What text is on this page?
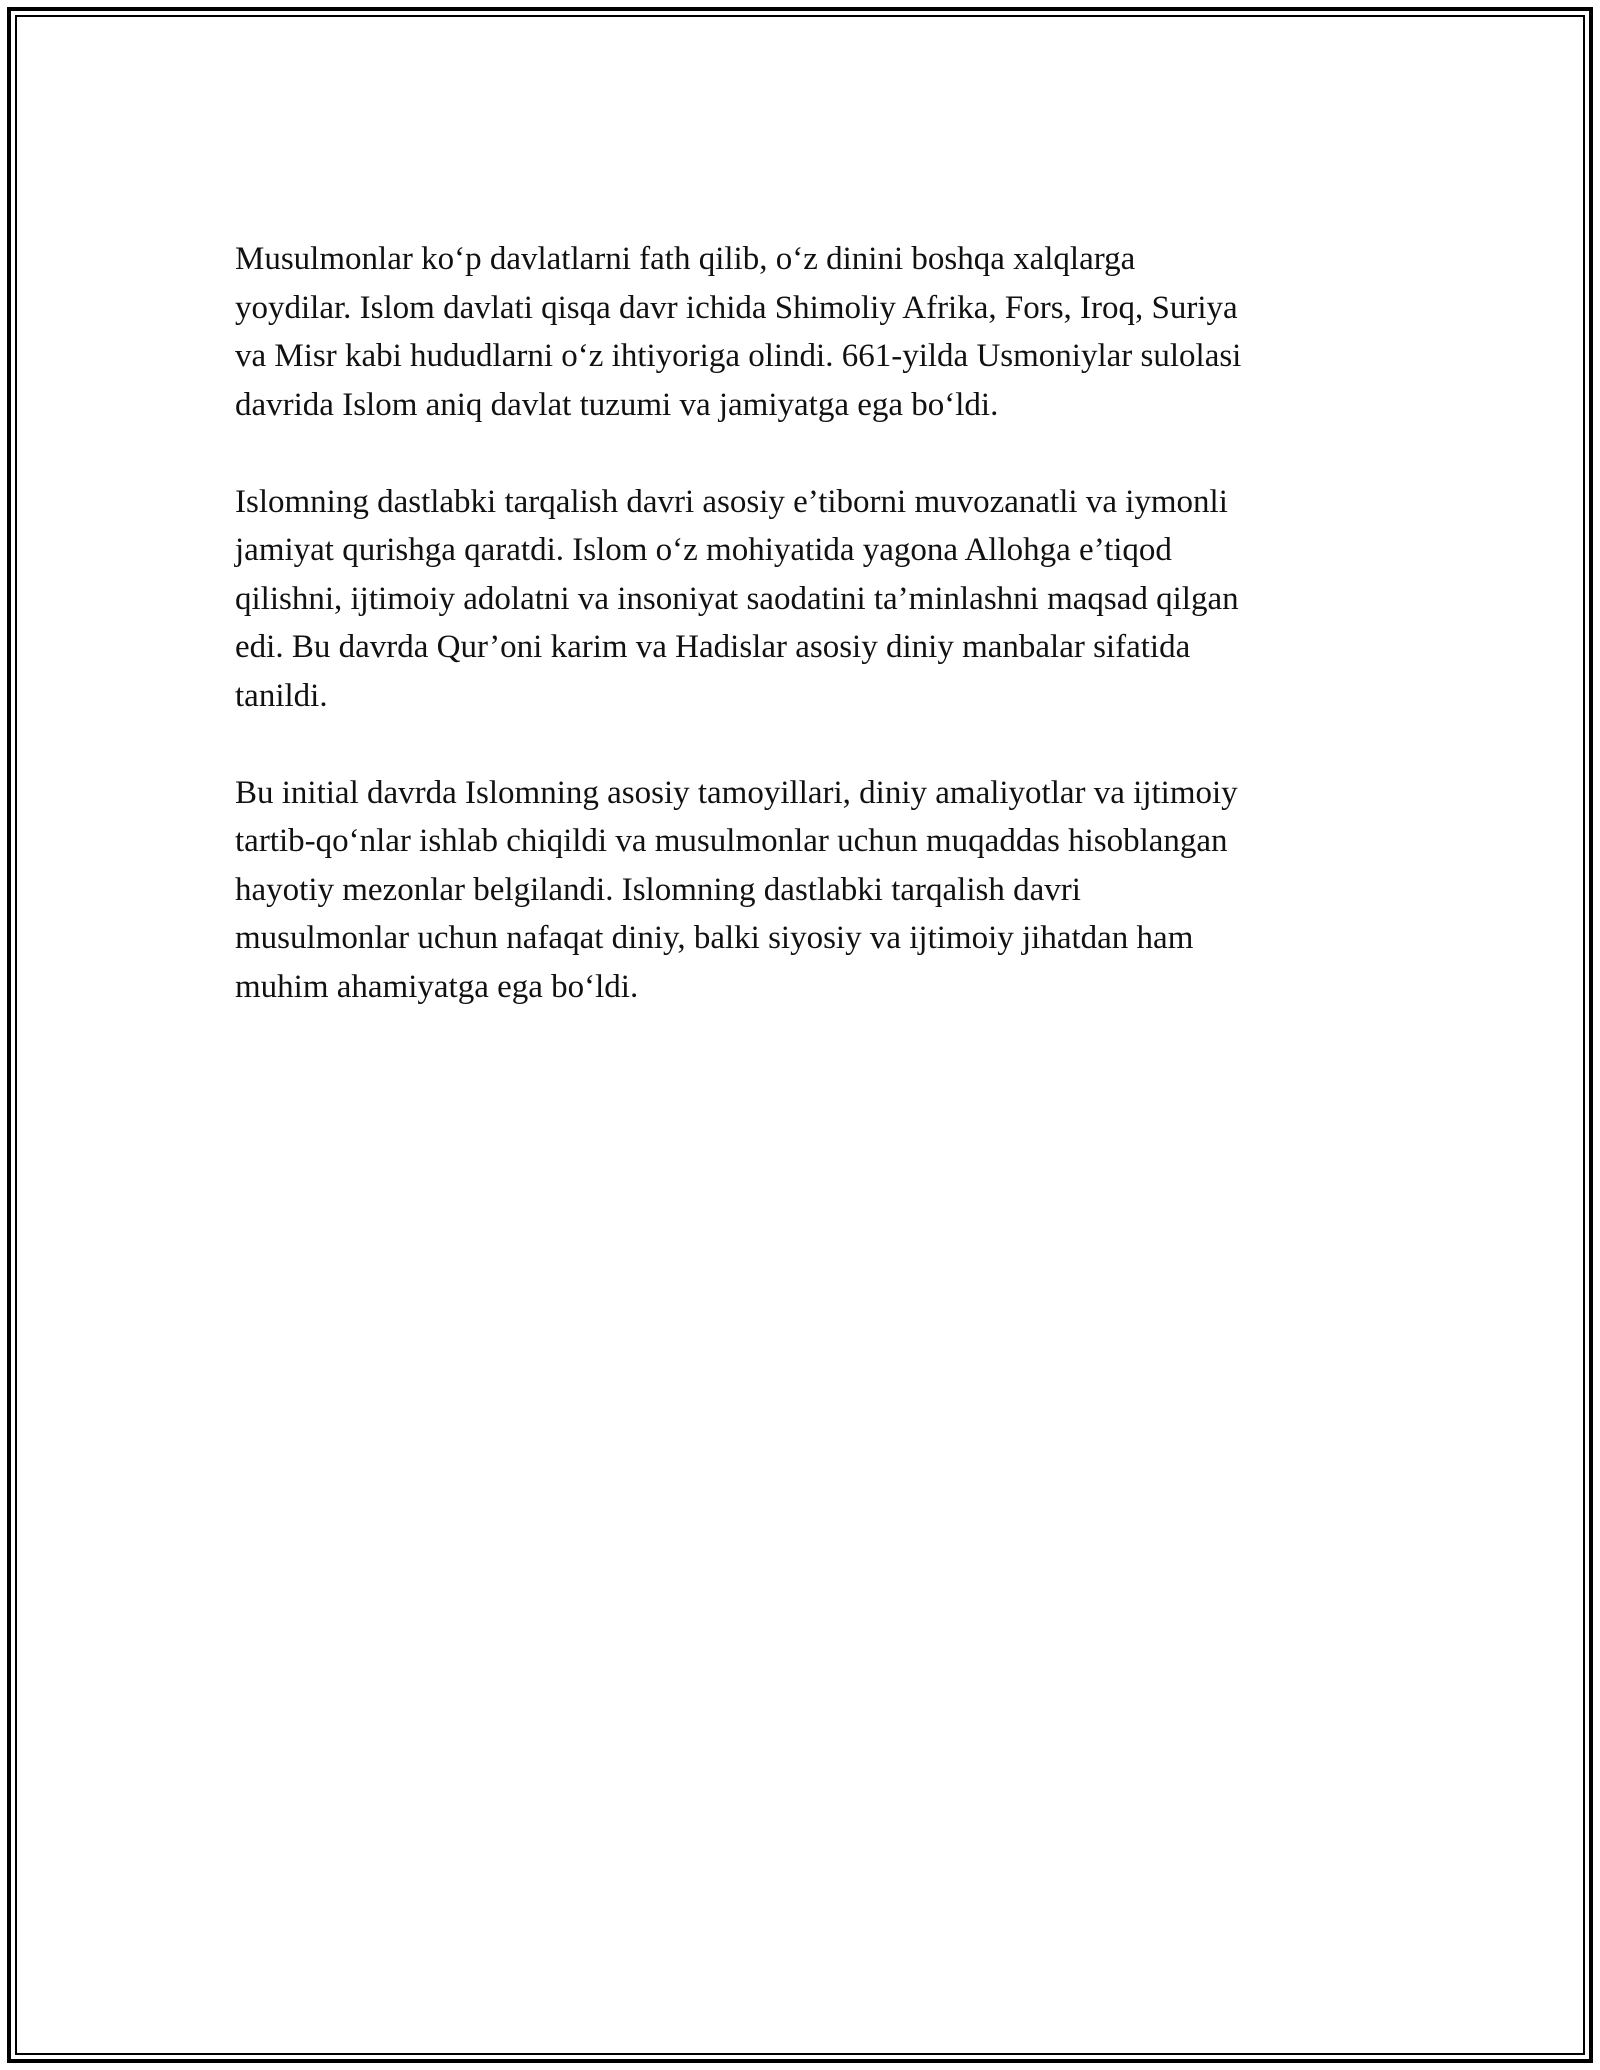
Musulmonlar ko‘p davlatlarni fath qilib, o‘z dinini boshqa xalqlarga
yoydilar. Islom davlati qisqa davr ichida Shimoliy Afrika, Fors, Iroq, Suriya
va Misr kabi hududlarni o‘z ihtiyoriga olindi. 661-yilda Usmoniylar sulolasi
davrida Islom aniq davlat tuzumi va jamiyatga ega bo‘ldi.

Islomning dastlabki tarqalish davri asosiy e’tiborni muvozanatli va iymonli
jamiyat qurishga qaratdi. Islom o‘z mohiyatida yagona Allohga e’tiqod
qilishni, ijtimoiy adolatni va insoniyat saodatini ta’minlashni maqsad qilgan
edi. Bu davrda Qur’oni karim va Hadislar asosiy diniy manbalar sifatida
tanildi.

Bu initial davrda Islomning asosiy tamoyillari, diniy amaliyotlar va ijtimoiy
tartib-qo‘nlar ishlab chiqildi va musulmonlar uchun muqaddas hisoblangan
hayotiy mezonlar belgilandi. Islomning dastlabki tarqalish davri
musulmonlar uchun nafaqat diniy, balki siyosiy va ijtimoiy jihatdan ham
muhim ahamiyatga ega bo‘ldi.
